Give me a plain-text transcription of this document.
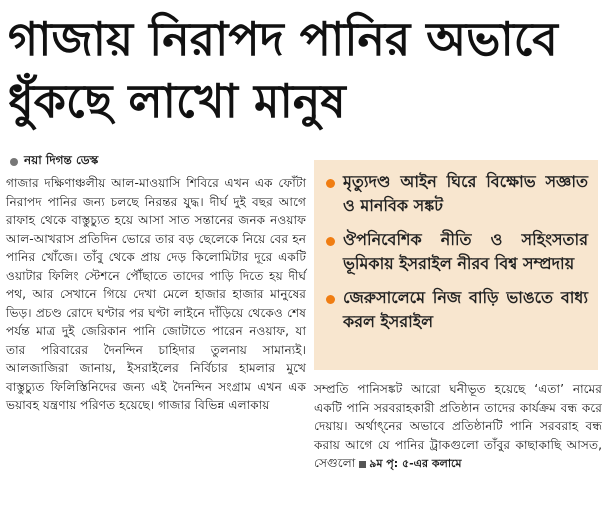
গাজায় নিরাপদ পানির অভাবে
ধুঁকছে লাখো মানুষ
নয়া দিগন্ত ডেস্ক

গাজার দক্ষিণাঞ্চলীয় আল-মাওয়াসি শিবিরে এখন এক ফোঁটা নিরাপদ পানির জন্য চলছে নিরন্তর যুদ্ধ। দীর্ঘ দুই বছর আগে রাফাহ থেকে বাস্তুচ্যুত হয়ে আসা সাত সন্তানের জনক নওয়াফ আল-আখরাস প্রতিদিন ভোরে তার বড় ছেলেকে নিয়ে বের হন পানির খোঁজে। তাঁবু থেকে প্রায় দেড় কিলোমিটার দূরে একটি ওয়াটার ফিলিং স্টেশনে পৌঁছাতে তাদের পাড়ি দিতে হয় দীর্ঘ পথ, আর সেখানে গিয়ে দেখা মেলে হাজার হাজার মানুষের ভিড়। প্রচণ্ড রোদে ঘণ্টার পর ঘণ্টা লাইনে দাঁড়িয়ে থেকেও শেষ পর্যন্ত মাত্র দুই জেরিকান পানি জোটাতে পারেন নওয়াফ, যা তার পরিবারের দৈনন্দিন চাহিদার তুলনায় সামান্যই। আলজাজিরা জানায়, ইসরাইলের নির্বিচার হামলার মুখে বাস্তুচ্যুত ফিলিস্তিনিদের জন্য এই দৈনন্দিন সংগ্রাম এখন এক ভয়াবহ যন্ত্রণায় পরিণত হয়েছে। গাজার বিভিন্ন এলাকায়

মৃত্যুদণ্ড আইন ঘিরে বিক্ষোভ সজ্ঞাত ও মানবিক সঙ্কট
ঔপনিবেশিক নীতি ও সহিংসতার ভূমিকায় ইসরাইল নীরব বিশ্ব সম্প্রদায়
জেরুসালেমে নিজ বাড়ি ভাঙতে বাধ্য করল ইসরাইল

সম্প্রতি পানিসঙ্কট আরো ঘনীভূত হয়েছে ‘এতা’ নামের একটি পানি সরবরাহকারী প্রতিষ্ঠান তাদের কার্যক্রম বন্ধ করে দেয়ায়। অর্থাৎ্নের অভাবে প্রতিষ্ঠানটি পানি সরবরাহ বন্ধ করায় আগে যে পানির ট্রাকগুলো তাঁবুর কাছাকাছি আসত, সেগুলো ৯ম পৃ: ৫-এর কলামে
